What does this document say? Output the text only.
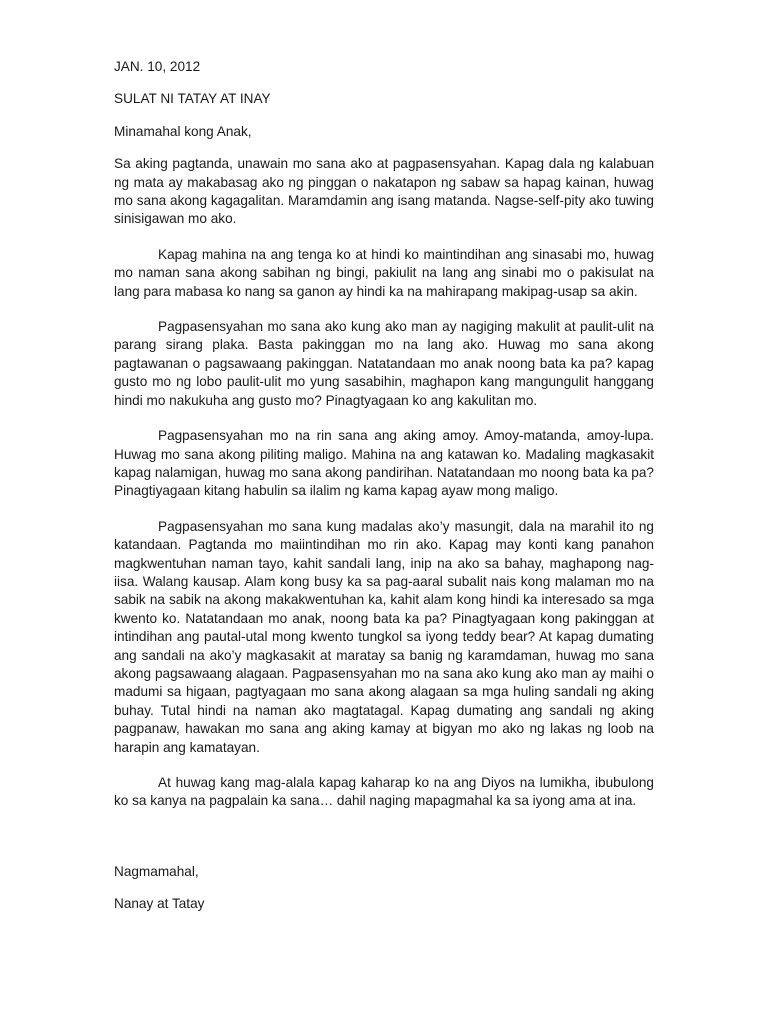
JAN. 10, 2012

SULAT NI TATAY AT INAY

Minamahal kong Anak,

Sa aking pagtanda, unawain mo sana ako at pagpasensyahan. Kapag dala ng kalabuan ng mata ay makabasag ako ng pinggan o nakatapon ng sabaw sa hapag kainan, huwag mo sana akong kagagalitan. Maramdamin ang isang matanda. Nagse-self-pity ako tuwing sinisigawan mo ako.

Kapag mahina na ang tenga ko at hindi ko maintindihan ang sinasabi mo, huwag mo naman sana akong sabihan ng bingi, pakiulit na lang ang sinabi mo o pakisulat na lang para mabasa ko nang sa ganon ay hindi ka na mahirapang makipag-usap sa akin.

Pagpasensyahan mo sana ako kung ako man ay nagiging makulit at paulit-ulit na parang sirang plaka. Basta pakinggan mo na lang ako. Huwag mo sana akong pagtawanan o pagsawaang pakinggan. Natatandaan mo anak noong bata ka pa? kapag gusto mo ng lobo paulit-ulit mo yung sasabihin, maghapon kang mangungulit hanggang hindi mo nakukuha ang gusto mo? Pinagtyagaan ko ang kakulitan mo.

Pagpasensyahan mo na rin sana ang aking amoy. Amoy-matanda, amoy-lupa. Huwag mo sana akong piliting maligo. Mahina na ang katawan ko. Madaling magkasakit kapag nalamigan, huwag mo sana akong pandirihan. Natatandaan mo noong bata ka pa? Pinagtiyagaan kitang habulin sa ilalim ng kama kapag ayaw mong maligo.

Pagpasensyahan mo sana kung madalas ako’y masungit, dala na marahil ito ng katandaan. Pagtanda mo maiintindihan mo rin ako. Kapag may konti kang panahon magkwentuhan naman tayo, kahit sandali lang, inip na ako sa bahay, maghapong nag-iisa. Walang kausap. Alam kong busy ka sa pag-aaral subalit nais kong malaman mo na sabik na sabik na akong makakwentuhan ka, kahit alam kong hindi ka interesado sa mga kwento ko. Natatandaan mo anak, noong bata ka pa? Pinagtyagaan kong pakinggan at intindihan ang pautal-utal mong kwento tungkol sa iyong teddy bear? At kapag dumating ang sandali na ako’y magkasakit at maratay sa banig ng karamdaman, huwag mo sana akong pagsawaang alagaan. Pagpasensyahan mo na sana ako kung ako man ay maihi o madumi sa higaan, pagtyagaan mo sana akong alagaan sa mga huling sandali ng aking buhay. Tutal hindi na naman ako magtatagal. Kapag dumating ang sandali ng aking pagpanaw, hawakan mo sana ang aking kamay at bigyan mo ako ng lakas ng loob na harapin ang kamatayan.

At huwag kang mag-alala kapag kaharap ko na ang Diyos na lumikha, ibubulong ko sa kanya na pagpalain ka sana… dahil naging mapagmahal ka sa iyong ama at ina.

Nagmamahal,

Nanay at Tatay
